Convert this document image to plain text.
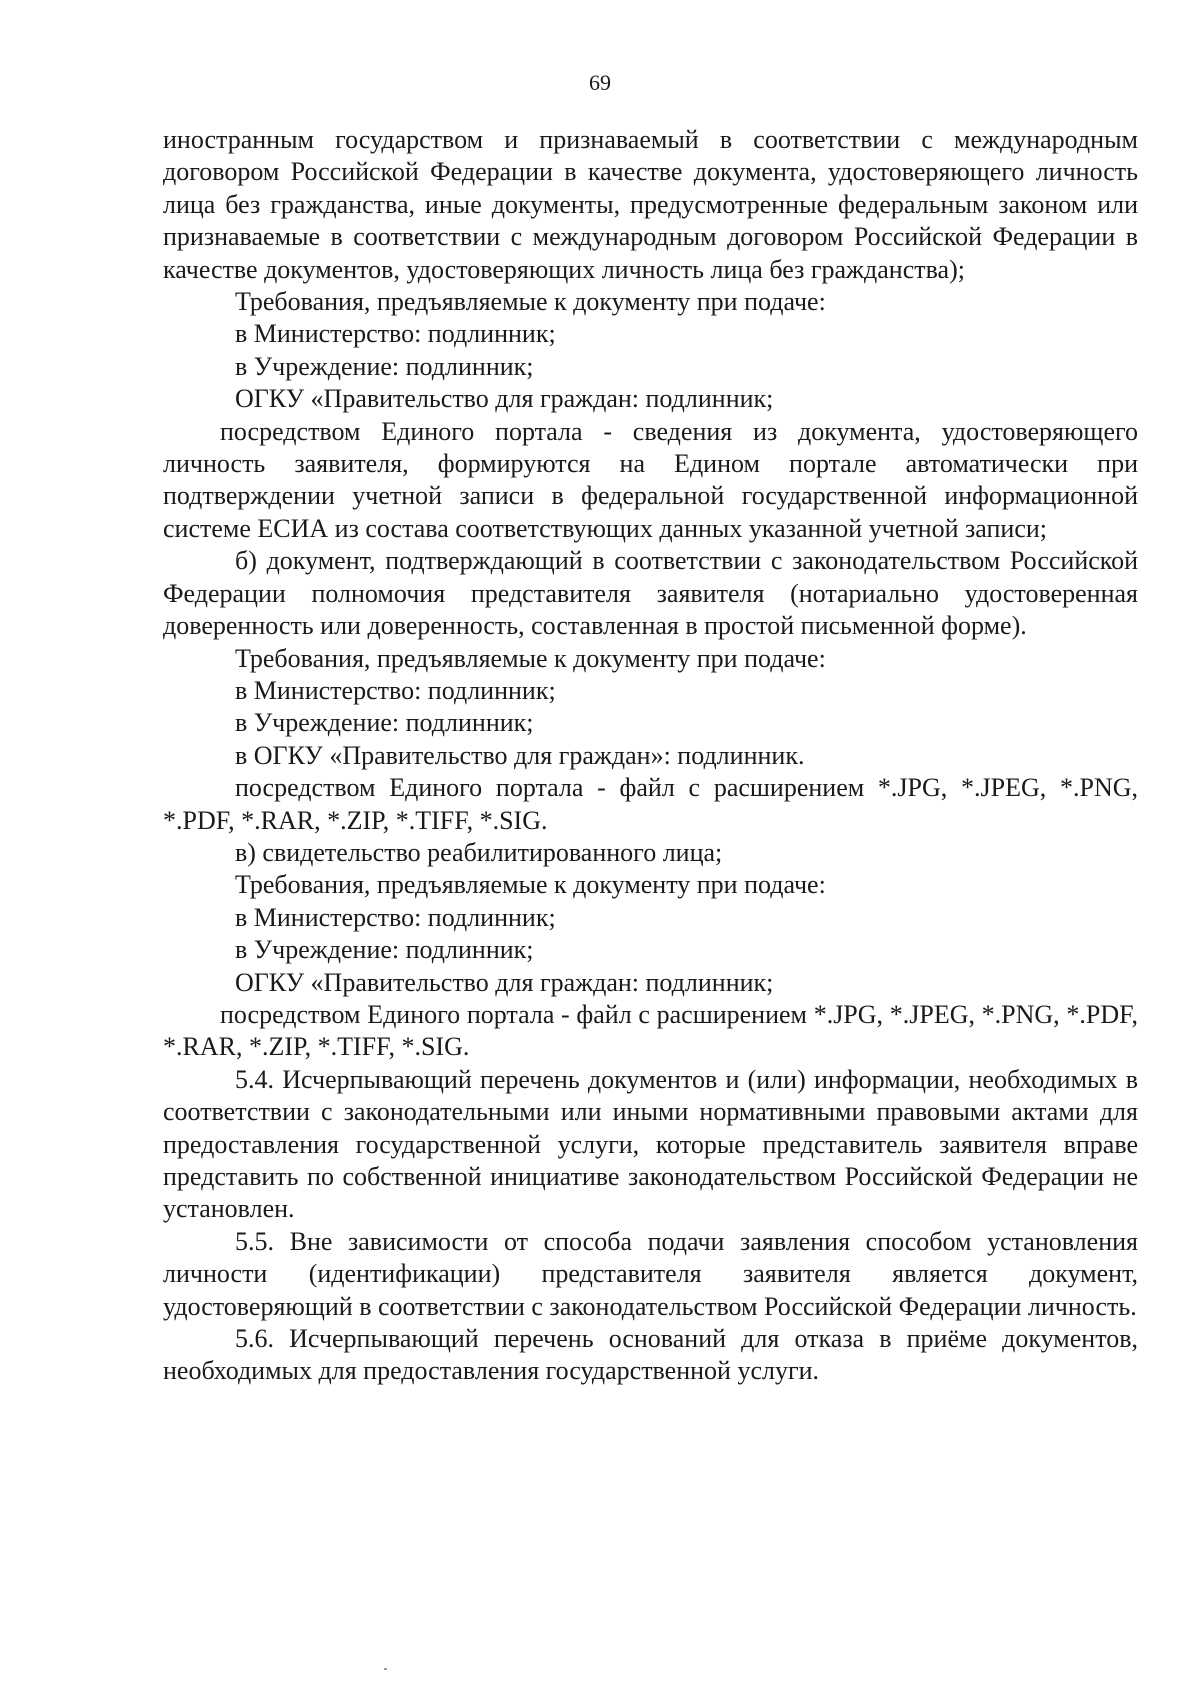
69

иностранным государством и признаваемый в соответствии с международным договором Российской Федерации в качестве документа, удостоверяющего личность лица без гражданства, иные документы, предусмотренные федеральным законом или признаваемые в соответствии с международным договором Российской Федерации в качестве документов, удостоверяющих личность лица без гражданства);

Требования, предъявляемые к документу при подаче:

в Министерство: подлинник;

в Учреждение: подлинник;

ОГКУ «Правительство для граждан: подлинник;

посредством Единого портала - сведения из документа, удостоверяющего личность заявителя, формируются на Едином портале автоматически при подтверждении учетной записи в федеральной государственной информационной системе ЕСИА из состава соответствующих данных указанной учетной записи;

б) документ, подтверждающий в соответствии с законодательством Российской Федерации полномочия представителя заявителя (нотариально удостоверенная доверенность или доверенность, составленная в простой письменной форме).

Требования, предъявляемые к документу при подаче:

в Министерство: подлинник;

в Учреждение: подлинник;

в ОГКУ «Правительство для граждан»: подлинник.

посредством Единого портала - файл с расширением *.JPG, *.JPEG, *.PNG, *.PDF, *.RAR, *.ZIP, *.TIFF, *.SIG.

в) свидетельство реабилитированного лица;

Требования, предъявляемые к документу при подаче:

в Министерство: подлинник;

в Учреждение: подлинник;

ОГКУ «Правительство для граждан: подлинник;

посредством Единого портала - файл с расширением *.JPG, *.JPEG, *.PNG, *.PDF, *.RAR, *.ZIP, *.TIFF, *.SIG.

5.4. Исчерпывающий перечень документов и (или) информации, необходимых в соответствии с законодательными или иными нормативными правовыми актами для предоставления государственной услуги, которые представитель заявителя вправе представить по собственной инициативе законодательством Российской Федерации не установлен.

5.5. Вне зависимости от способа подачи заявления способом установления личности (идентификации) представителя заявителя является документ, удостоверяющий в соответствии с законодательством Российской Федерации личность.

5.6. Исчерпывающий перечень оснований для отказа в приёме документов, необходимых для предоставления государственной услуги.
